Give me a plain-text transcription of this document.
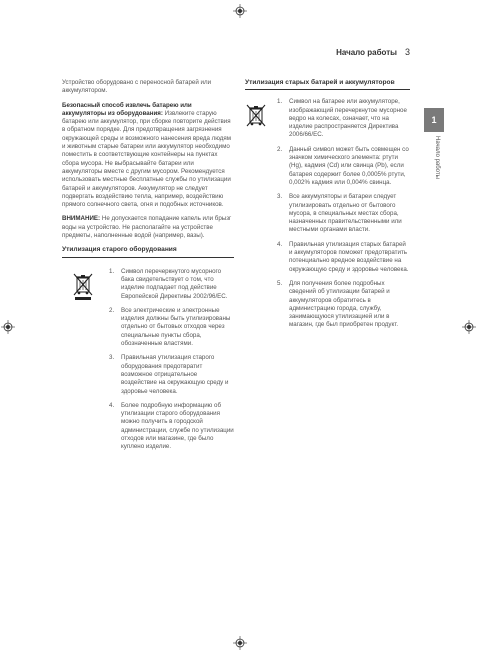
Начало работы 3
1
Начало работы

Устройство оборудовано с переносной батарей или аккумулятором.

Безопасный способ извлечь батарею или аккумуляторы из оборудования: Извлеките старую батарею или аккумулятор, при сборке повторите действия в обратном порядке. Для предотвращения загрязнения окружающей среды и возможного нанесения вреда людям и животным старые батареи или аккумулятор необходимо поместить в соответствующие контейнеры на пунктах сбора мусора. Не выбрасывайте батареи или аккумуляторы вместе с другим мусором. Рекомендуется использовать местные бесплатные службы по утилизации батарей и аккумуляторов. Аккумулятор не следует подвергать воздействию тепла, например, воздействию прямого солнечного света, огня и подобных источников.

ВНИМАНИЕ: Не допускается попадание капель или брызг воды на устройство. Не располагайте на устройстве предметы, наполненные водой (например, вазы).

Утилизация старого оборудования
1. Символ перечеркнутого мусорного бака свидетельствует о том, что изделие подпадает под действие Европейской Директивы 2002/96/EC.
2. Все электрические и электронные изделия должны быть утилизированы отдельно от бытовых отходов через специальные пункты сбора, обозначенные властями.
3. Правильная утилизация старого оборудования предотвратит возможное отрицательное воздействие на окружающую среду и здоровье человека.
4. Более подробную информацию об утилизации старого оборудования можно получить в городской администрации, службе по утилизации отходов или магазине, где было куплено изделие.
Утилизация старых батарей и аккумуляторов
1. Символ на батарее или аккумуляторе, изображающий перечеркнутое мусорное ведро на колесах, означает, что на изделие распространяется Директива 2006/66/EC.
2. Данный символ может быть совмещен со значком химического элемента: ртути (Hg), кадмия (Cd) или свинца (Pb), если батарея содержит более 0,0005% ртути, 0,002% кадмия или 0,004% свинца.
3. Все аккумуляторы и батареи следует утилизировать отдельно от бытового мусора, в специальных местах сбора, назначенных правительственными или местными органами власти.
4. Правильная утилизация старых батарей и аккумуляторов поможет предотвратить потенциально вредное воздействие на окружающую среду и здоровье человека.
5. Для получения более подробных сведений об утилизации батарей и аккумуляторов обратитесь в администрацию города, службу, занимающуюся утилизацией или в магазин, где был приобретен продукт.
